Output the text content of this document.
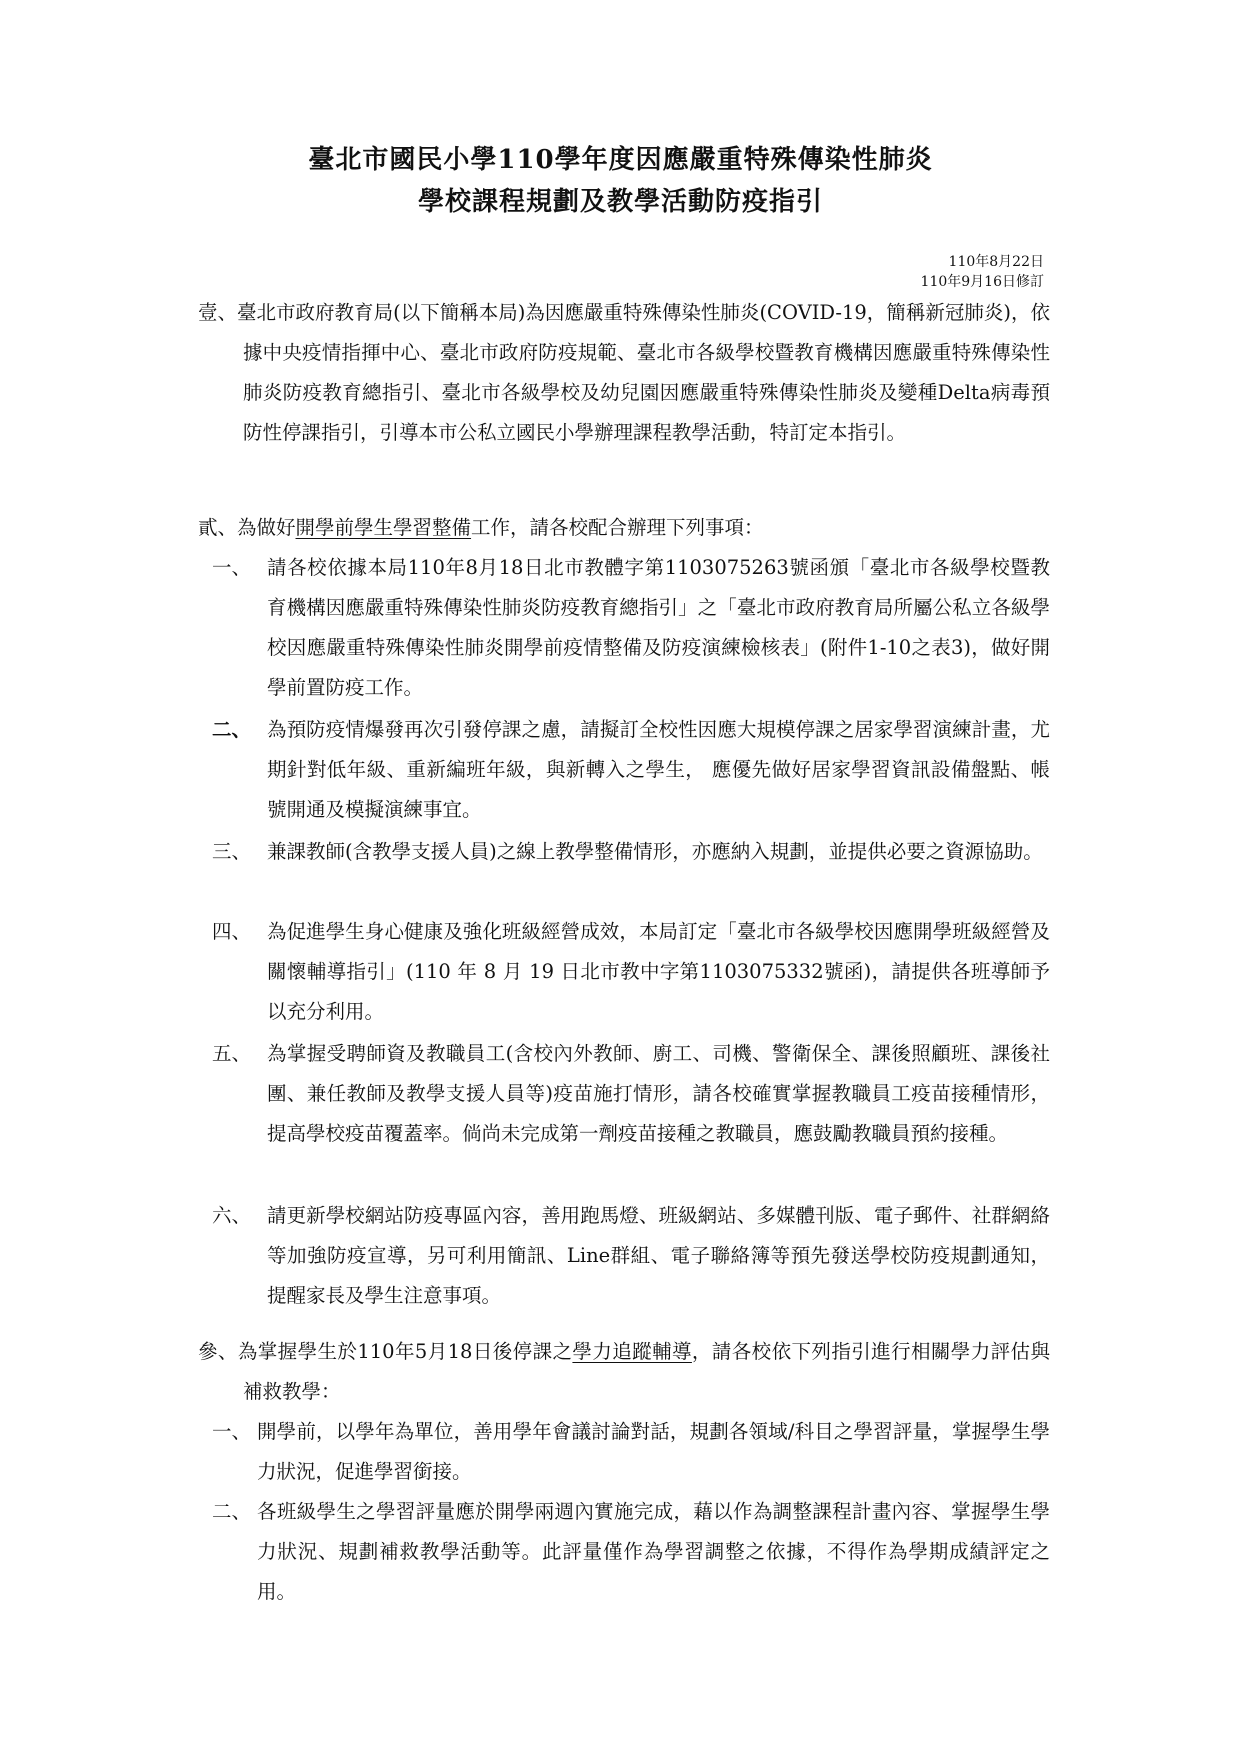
臺北市國民小學110學年度因應嚴重特殊傳染性肺炎
學校課程規劃及教學活動防疫指引
110年8月22日
110年9月16日修訂

壹、臺北市政府教育局(以下簡稱本局)為因應嚴重特殊傳染性肺炎(COVID-19，簡稱新冠肺炎)，依據中央疫情指揮中心、臺北市政府防疫規範、臺北市各級學校暨教育機構因應嚴重特殊傳染性肺炎防疫教育總指引、臺北市各級學校及幼兒園因應嚴重特殊傳染性肺炎及變種Delta病毒預防性停課指引，引導本市公私立國民小學辦理課程教學活動，特訂定本指引。

貳、為做好開學前學生學習整備工作，請各校配合辦理下列事項：

一、 請各校依據本局110年8月18日北市教體字第1103075263號函頒「臺北市各級學校暨教育機構因應嚴重特殊傳染性肺炎防疫教育總指引」之「臺北市政府教育局所屬公私立各級學校因應嚴重特殊傳染性肺炎開學前疫情整備及防疫演練檢核表」(附件1-10之表3)，做好開學前置防疫工作。
二、 為預防疫情爆發再次引發停課之慮，請擬訂全校性因應大規模停課之居家學習演練計畫，尤期針對低年級、重新編班年級，與新轉入之學生， 應優先做好居家學習資訊設備盤點、帳號開通及模擬演練事宜。
三、 兼課教師(含教學支援人員)之線上教學整備情形，亦應納入規劃，並提供必要之資源協助。
四、 為促進學生身心健康及強化班級經營成效，本局訂定「臺北市各級學校因應開學班級經營及關懷輔導指引」(110 年 8 月 19 日北市教中字第1103075332號函)，請提供各班導師予以充分利用。
五、 為掌握受聘師資及教職員工(含校內外教師、廚工、司機、警衛保全、課後照顧班、課後社團、兼任教師及教學支援人員等)疫苗施打情形，請各校確實掌握教職員工疫苗接種情形，提高學校疫苗覆蓋率。倘尚未完成第一劑疫苗接種之教職員，應鼓勵教職員預約接種。
六、 請更新學校網站防疫專區內容，善用跑馬燈、班級網站、多媒體刊版、電子郵件、社群網絡等加強防疫宣導，另可利用簡訊、Line群組、電子聯絡簿等預先發送學校防疫規劃通知，提醒家長及學生注意事項。

參、為掌握學生於110年5月18日後停課之學力追蹤輔導，請各校依下列指引進行相關學力評估與補救教學：

一、 開學前，以學年為單位，善用學年會議討論對話，規劃各領域/科目之學習評量，掌握學生學力狀況，促進學習銜接。
二、 各班級學生之學習評量應於開學兩週內實施完成，藉以作為調整課程計畫內容、掌握學生學力狀況、規劃補救教學活動等。此評量僅作為學習調整之依據，不得作為學期成績評定之用。
